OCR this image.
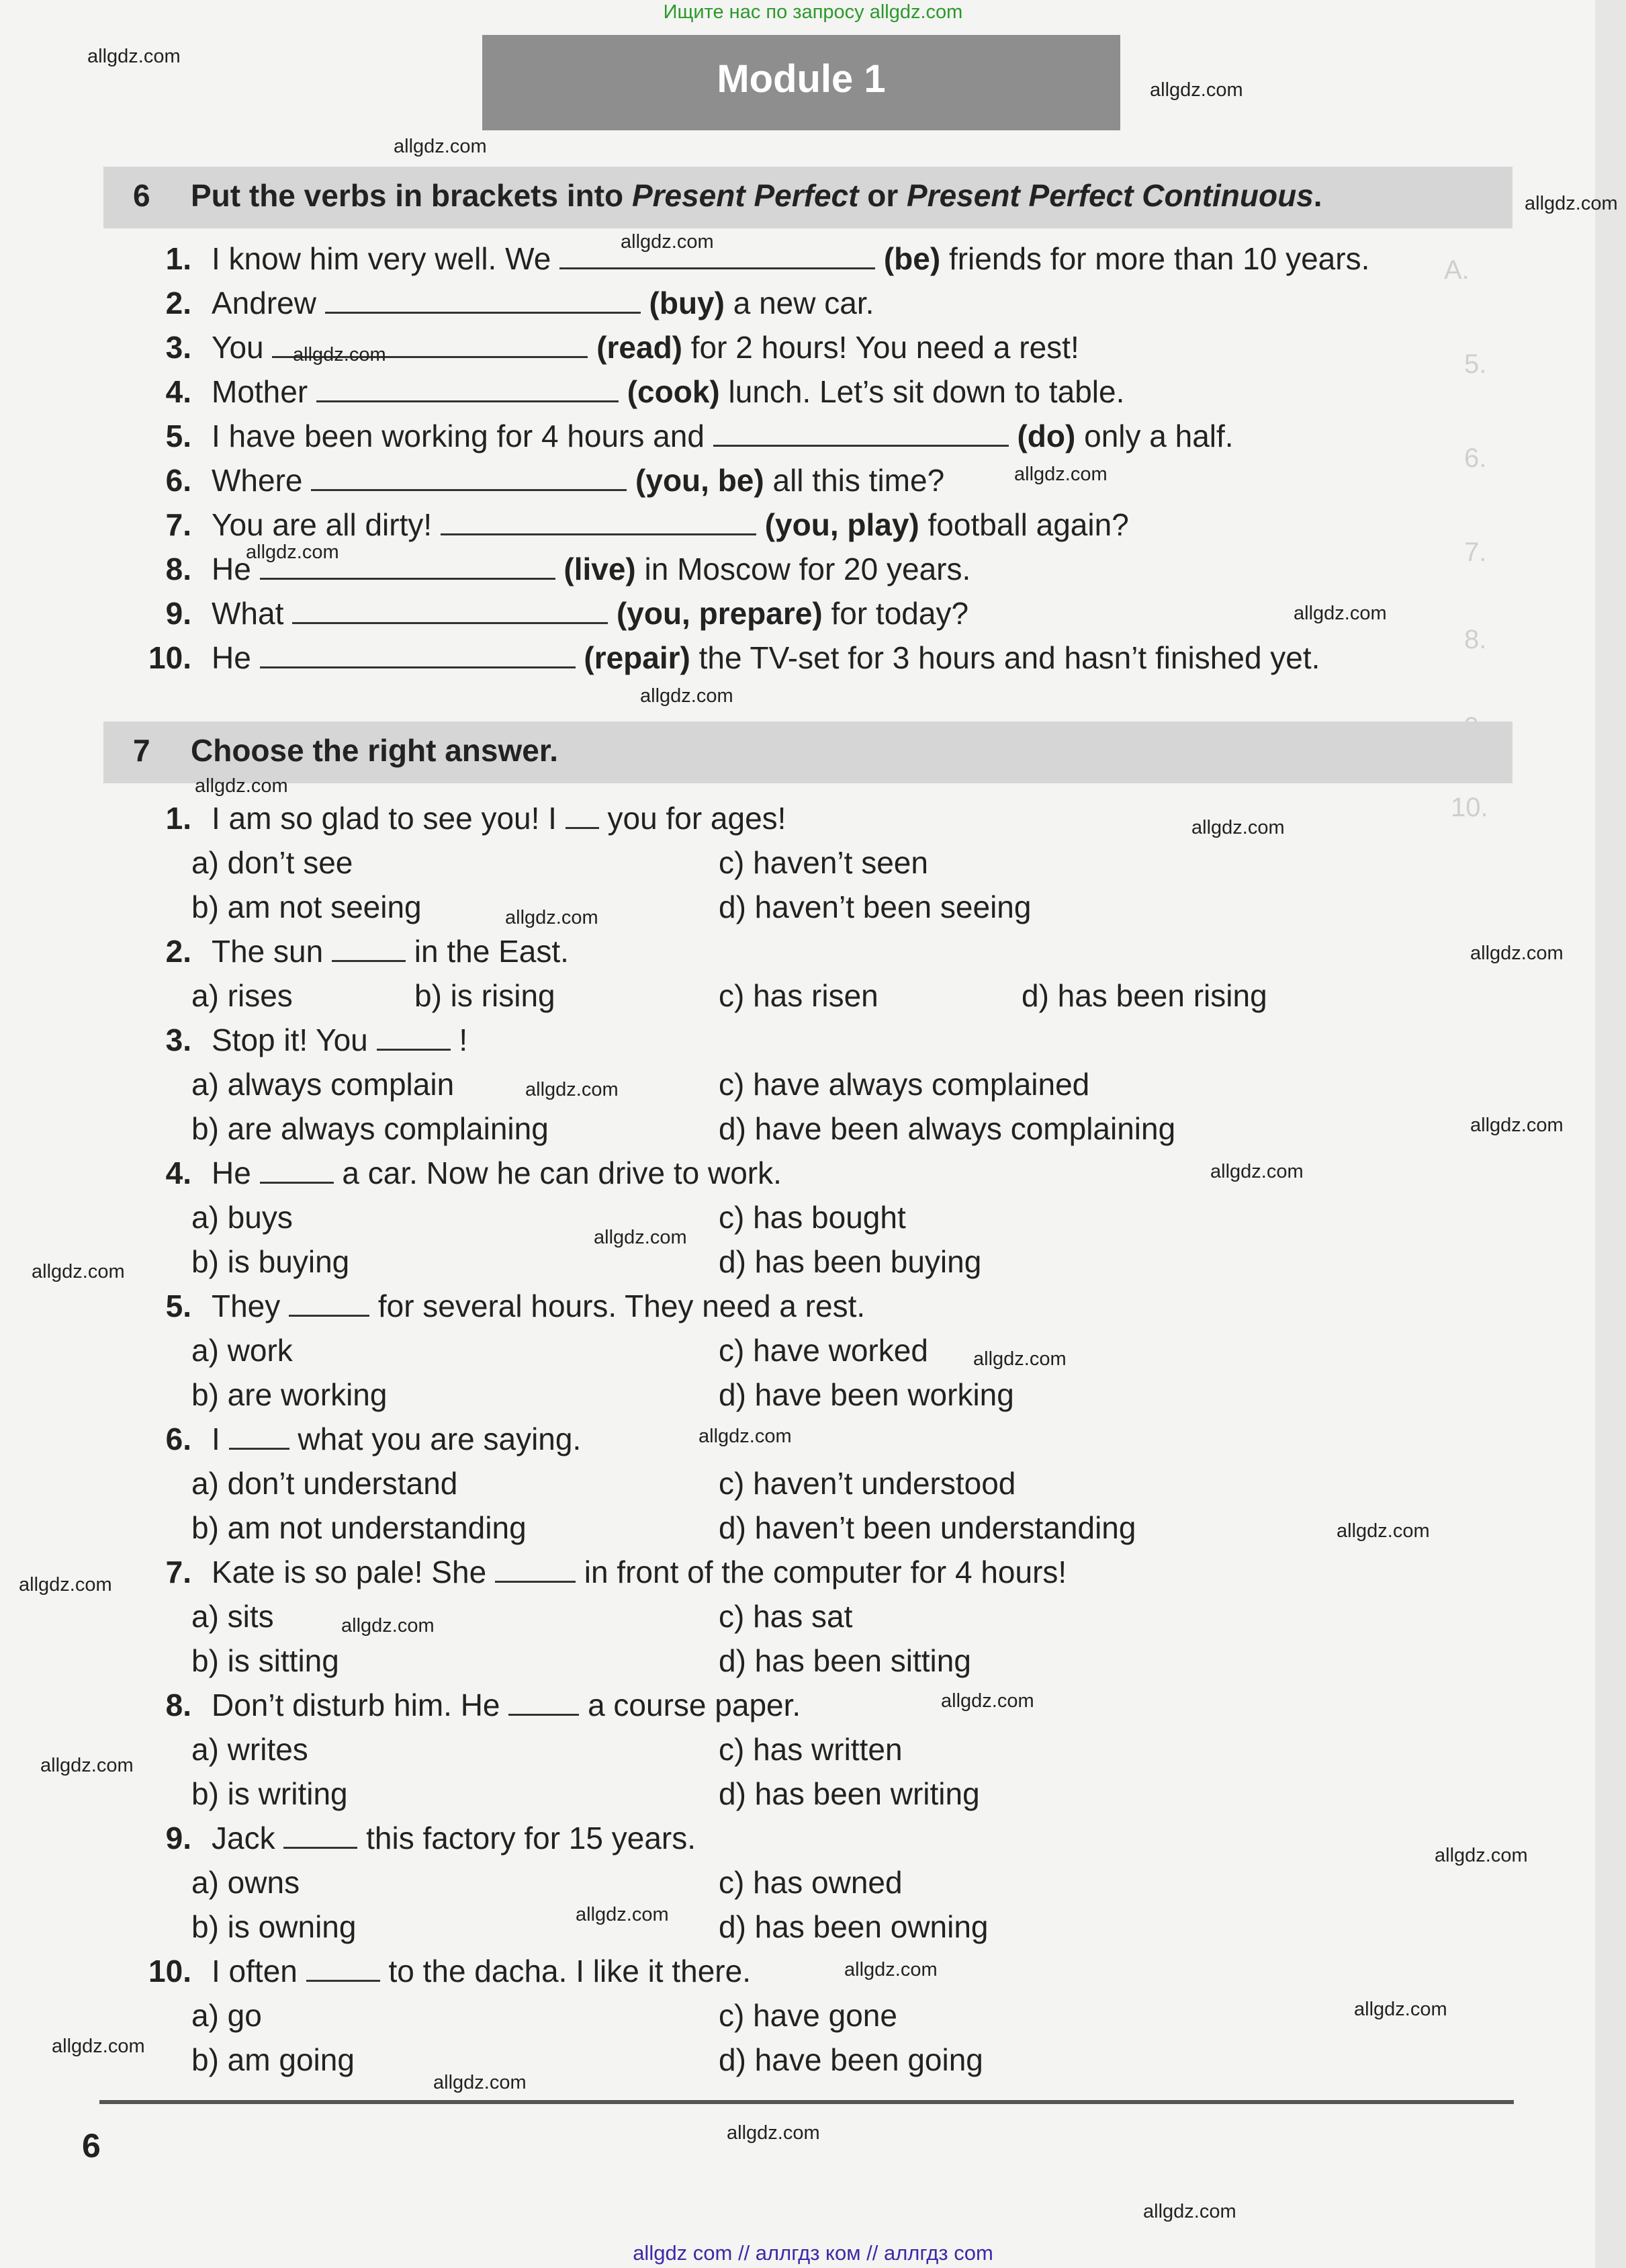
A.
5.
6.
7.
8.
10.
Ищите нас по запросу allgdz.com
Module 1
6 Put the verbs in brackets into Present Perfect or Present Perfect Continuous.
1. I know him very well. We	(be) friends for more than 10 years.
2. Andrew	(buy) a new car.
3. You	(read) for 2 hours! You need a rest!
4. Mother	(cook) lunch. Let’s sit down to table.
5. I have been working for 4 hours and	(do) only a half.
6. Where	(you, be) all this time?
7. You are all dirty!	(you, play) football again?
8. He	(live) in Moscow for 20 years.
9. What	(you, prepare) for today?
10. He	(repair) the TV-set for 3 hours and hasn’t finished yet.
7 Choose the right answer.
1. I am so glad to see you! I you for ages!
a) don’t see
b) am not seeing
c) haven’t seen
d) haven’t been seeing
2. The sun	in the East.
a) rises	b) is rising	c) has risen	d) has been rising
3. Stop it! You	!
a) always complain
b) are always complaining
c) have always complained
d) have been always complaining
4. He	a car. Now he can drive to work.
a) buys
b) is buying
c) has bought
d) has been buying
5. They	for several hours. They need a rest.
a) work
b) are working
c) have worked
d) have been working
6. I	what you are saying.
a) don’t understand
b) am not understanding
c) haven’t understood
d) haven’t been understanding
7. Kate is so pale! She	in front of the computer for 4 hours!
a) sits
b) is sitting
c) has sat
d) has been sitting
8. Don’t disturb him. He	a course paper.
a) writes
b) is writing
c) has written
d) has been writing
9. Jack	this factory for 15 years.
a) owns
b) is owning
c) has owned
d) has been owning
10. I often	to the dacha. I like it there.
a) go
b) am going
c) have gone
d) have been going
6
allgdz.com
allgdz.com
allgdz.com
allgdz.com
allgdz.com
allgdz.com
allgdz.com
allgdz.com
allgdz.com
allgdz.com
allgdz.com
allgdz.com
allgdz.com
allgdz.com
allgdz.com
allgdz.com
allgdz.com
allgdz.com
allgdz.com
allgdz.com
allgdz.com
allgdz.com
allgdz.com
allgdz.com
allgdz.com
allgdz.com
allgdz.com
allgdz.com
allgdz.com
allgdz.com
allgdz.com
allgdz.com
allgdz.com
allgdz.com
allgdz com // аллгдз ком // аллгдз com
